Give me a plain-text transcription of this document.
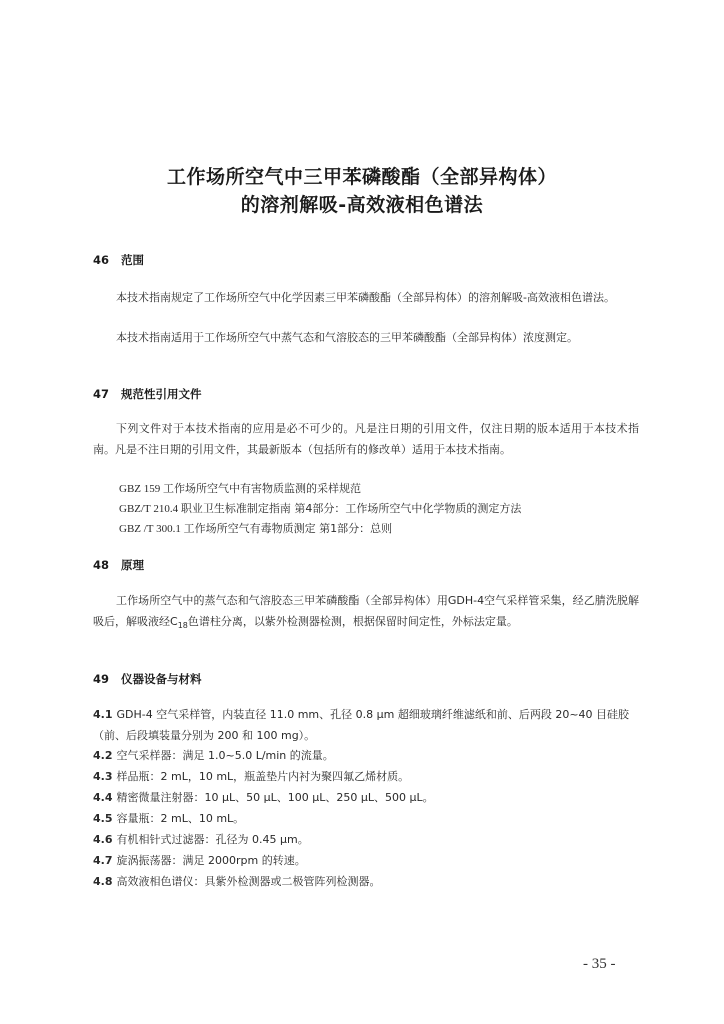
工作场所空气中三甲苯磷酸酯（全部异构体）
的溶剂解吸-高效液相色谱法
46 范围
本技术指南规定了工作场所空气中化学因素三甲苯磷酸酯（全部异构体）的溶剂解吸-高效液相色谱法。
本技术指南适用于工作场所空气中蒸气态和气溶胶态的三甲苯磷酸酯（全部异构体）浓度测定。
47 规范性引用文件
下列文件对于本技术指南的应用是必不可少的。凡是注日期的引用文件，仅注日期的版本适用于本技术指南。凡是不注日期的引用文件，其最新版本（包括所有的修改单）适用于本技术指南。
GBZ 159 工作场所空气中有害物质监测的采样规范
GBZ/T 210.4 职业卫生标准制定指南 第4部分：工作场所空气中化学物质的测定方法
GBZ /T 300.1 工作场所空气有毒物质测定 第1部分：总则
48 原理
工作场所空气中的蒸气态和气溶胶态三甲苯磷酸酯（全部异构体）用GDH-4空气采样管采集，经乙腈洗脱解吸后，解吸液经$C_{18}$色谱柱分离，以紫外检测器检测，根据保留时间定性，外标法定量。
49 仪器设备与材料
4.1 GDH-4 空气采样管，内装直径 11.0 mm、孔径 0.8 μm 超细玻璃纤维滤纸和前、后两段 20~40 目硅胶（前、后段填装量分别为 200 和 100 mg）。
4.2 空气采样器：满足 1.0~5.0 L/min 的流量。
4.3 样品瓶：2 mL，10 mL，瓶盖垫片内衬为聚四氟乙烯材质。
4.4 精密微量注射器：10 μL、50 μL、100 μL、250 μL、500 μL。
4.5 容量瓶：2 mL、10 mL。
4.6 有机相针式过滤器：孔径为 0.45 μm。
4.7 旋涡振荡器：满足 2000rpm 的转速。
4.8 高效液相色谱仪：具紫外检测器或二极管阵列检测器。
- 35 -
